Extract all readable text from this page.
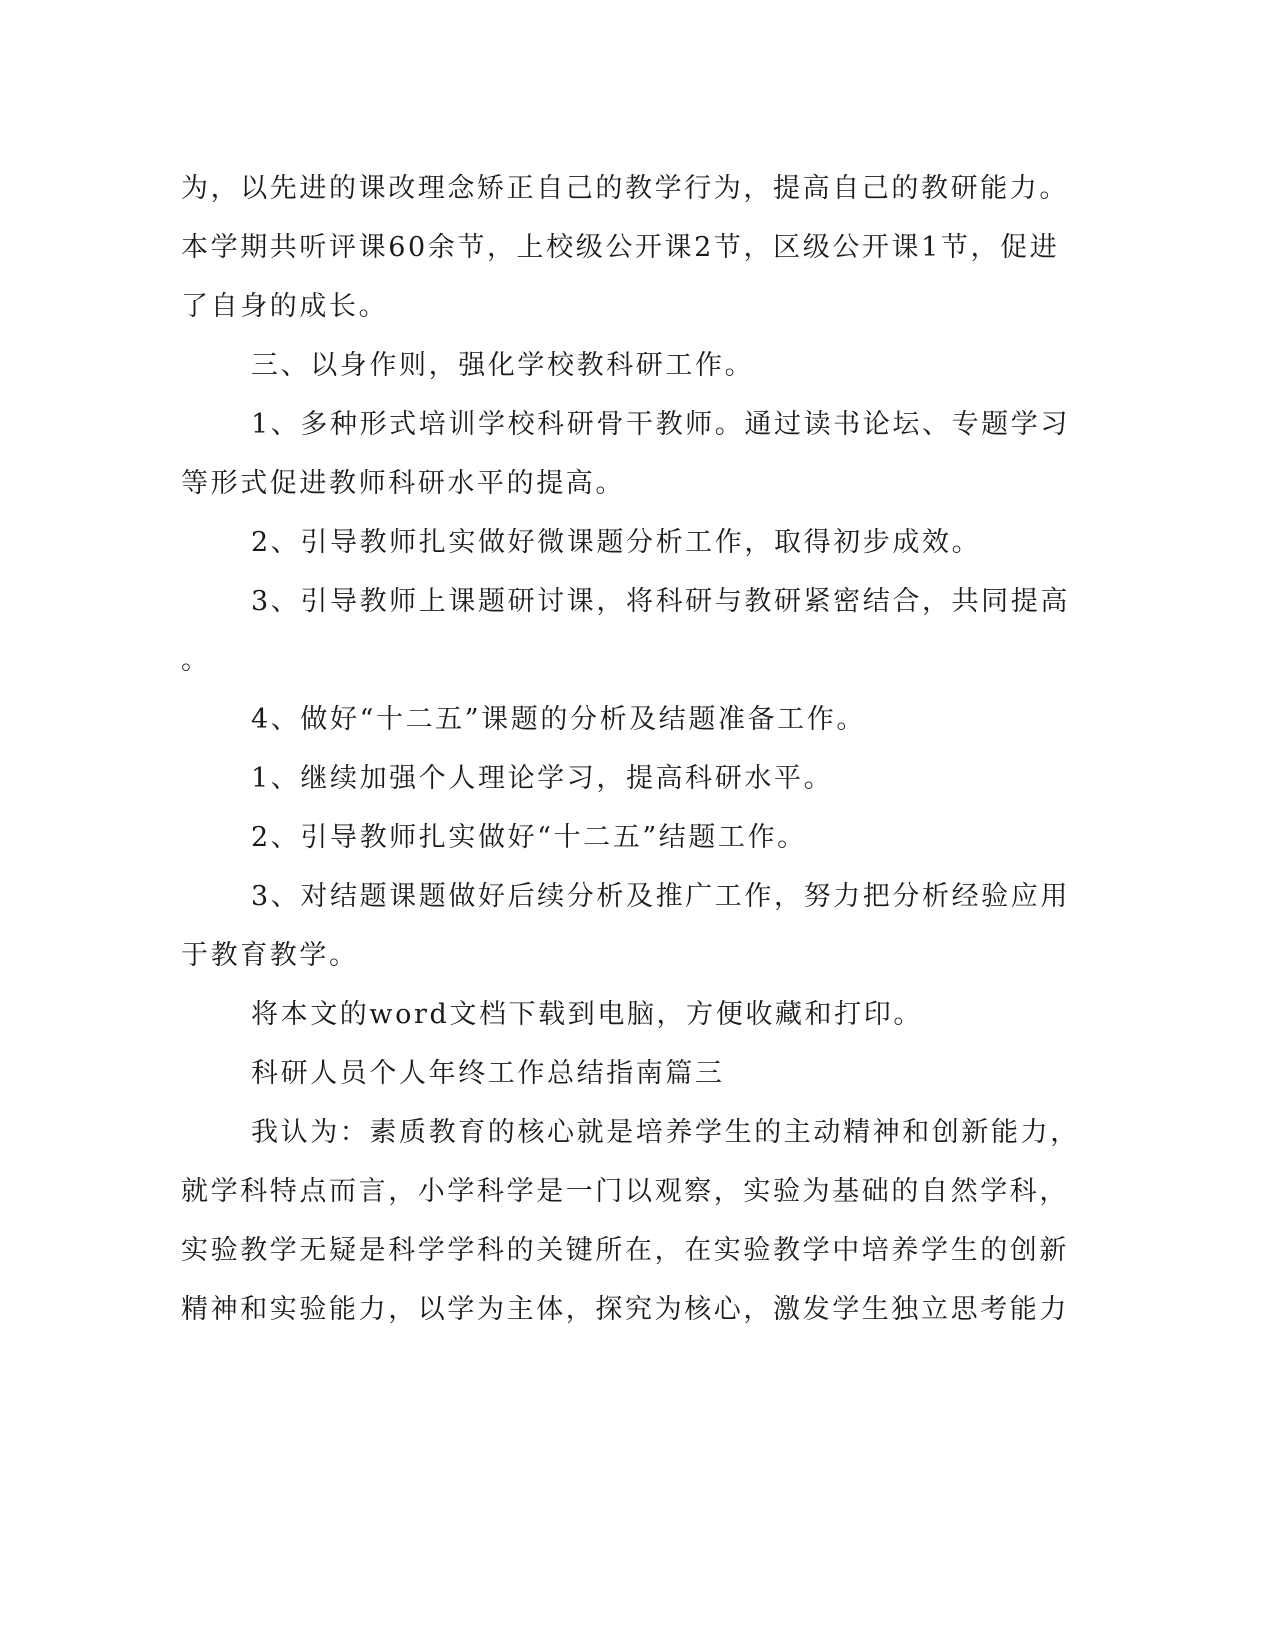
为，以先进的课改理念矫正自己的教学行为，提高自己的教研能力。
本学期共听评课60余节，上校级公开课2节，区级公开课1节，促进
了自身的成长。
三、以身作则，强化学校教科研工作。
1、多种形式培训学校科研骨干教师。通过读书论坛、专题学习
等形式促进教师科研水平的提高。
2、引导教师扎实做好微课题分析工作，取得初步成效。
3、引导教师上课题研讨课，将科研与教研紧密结合，共同提高
。
4、做好“十二五”课题的分析及结题准备工作。
1、继续加强个人理论学习，提高科研水平。
2、引导教师扎实做好“十二五”结题工作。
3、对结题课题做好后续分析及推广工作，努力把分析经验应用
于教育教学。
将本文的word文档下载到电脑，方便收藏和打印。
科研人员个人年终工作总结指南篇三
我认为：素质教育的核心就是培养学生的主动精神和创新能力，
就学科特点而言，小学科学是一门以观察，实验为基础的自然学科，
实验教学无疑是科学学科的关键所在，在实验教学中培养学生的创新
精神和实验能力，以学为主体，探究为核心，激发学生独立思考能力
